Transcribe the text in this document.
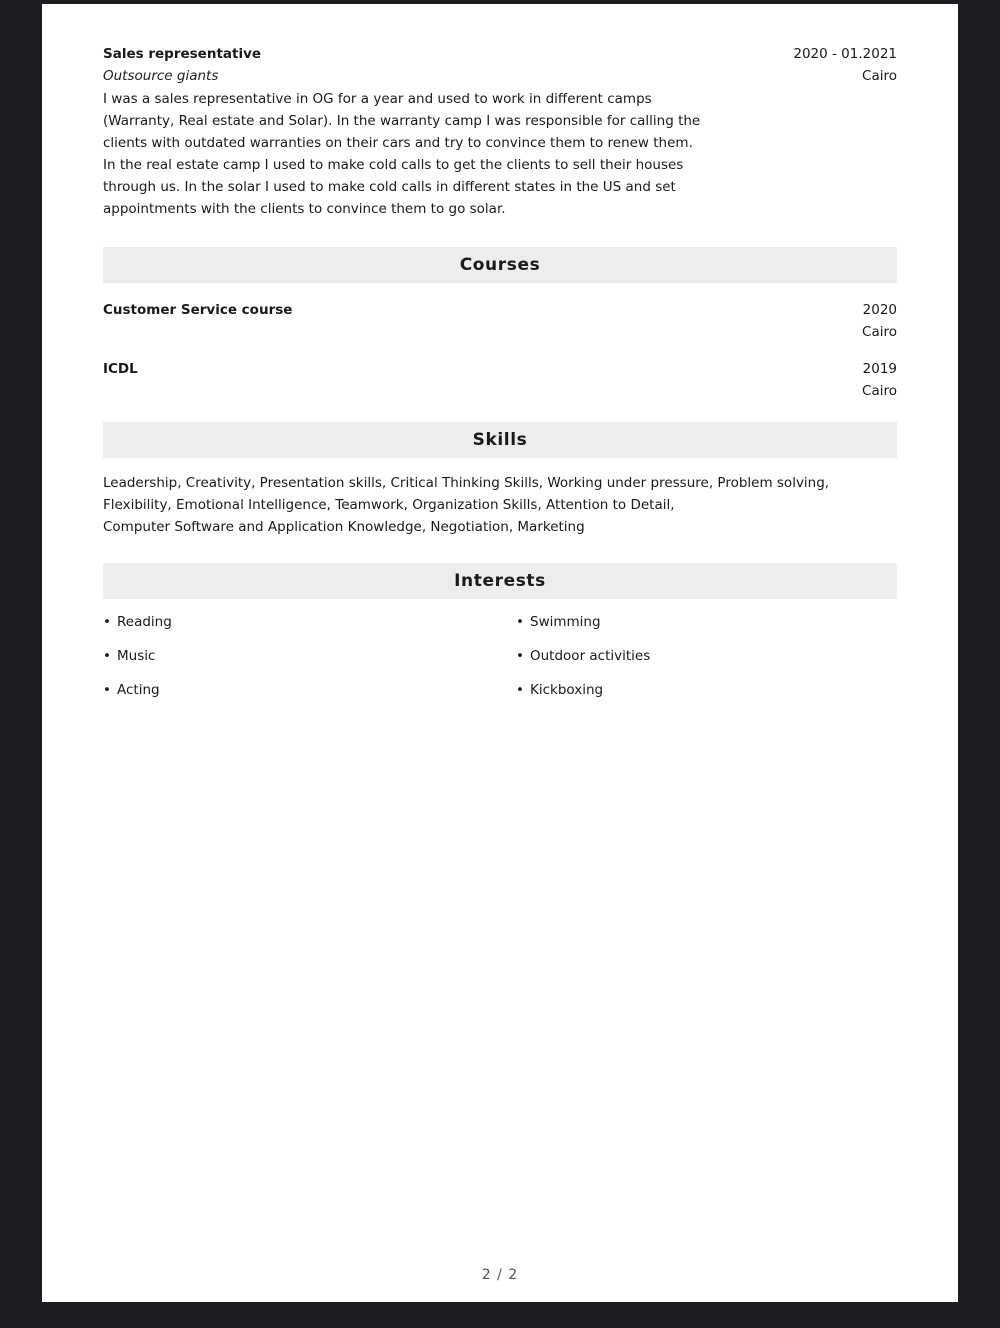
Sales representative
Outsource giants
2020 - 01.2021
Cairo
I was a sales representative in OG for a year and used to work in different camps
(Warranty, Real estate and Solar). In the warranty camp I was responsible for calling the
clients with outdated warranties on their cars and try to convince them to renew them.
In the real estate camp I used to make cold calls to get the clients to sell their houses
through us. In the solar I used to make cold calls in different states in the US and set
appointments with the clients to convince them to go solar.
Courses
Customer Service course	2020
Cairo
ICDL	2019
Cairo
Skills
Leadership, Creativity, Presentation skills, Critical Thinking Skills, Working under pressure, Problem solving,
Flexibility, Emotional Intelligence, Teamwork, Organization Skills, Attention to Detail,
Computer Software and Application Knowledge, Negotiation, Marketing
Interests
• Reading	• Swimming
• Music	• Outdoor activities
• Acting	• Kickboxing
2 / 2
